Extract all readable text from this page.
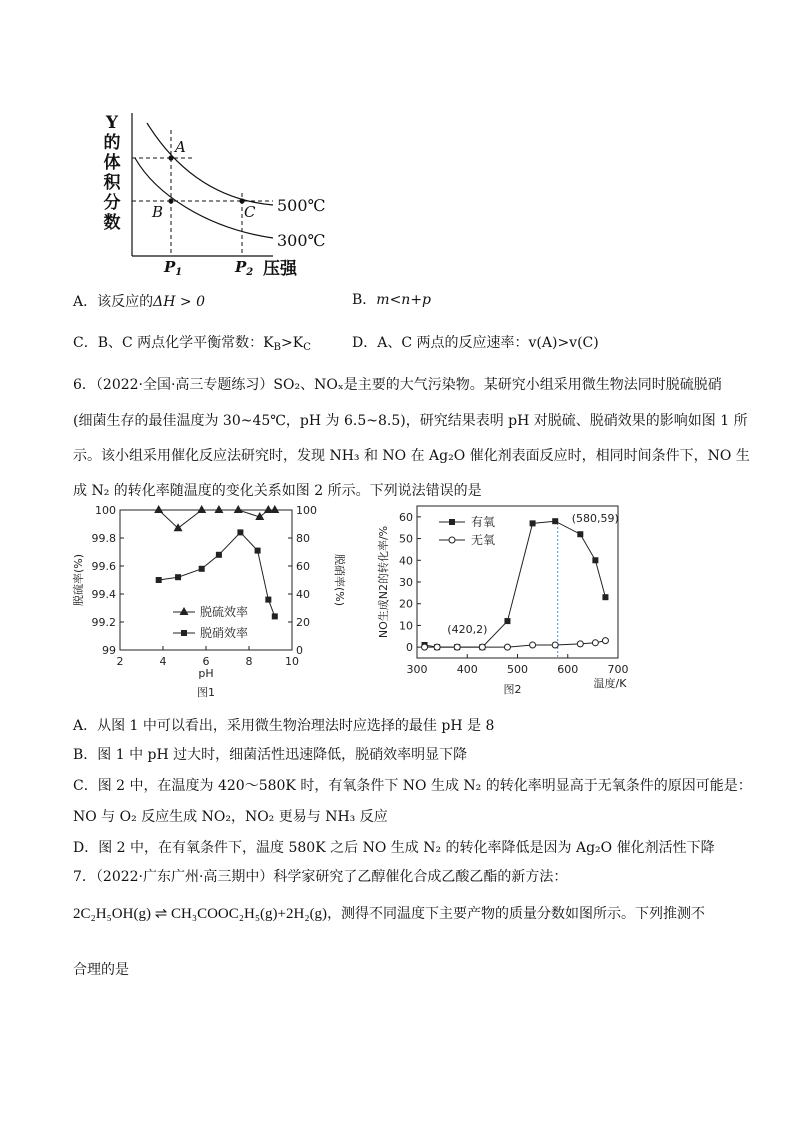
Y
的
体
积
分
数
A
B	C 500℃
300℃
$P_1$	$P_2$ 压强
A．该反应的ΔH > 0	B．m<n+p
C．B、C 两点化学平衡常数：$K_B>K_C$	D．A、C 两点的反应速率：v(A)>v(C)
6．（2022·全国·高三专题练习）SO₂、NOₓ是主要的大气污染物。某研究小组采用微生物法同时脱硫脱硝
(细菌生存的最佳温度为 30~45℃，pH 为 6.5~8.5)，研究结果表明 pH 对脱硫、脱硝效果的影响如图 1 所
示。该小组采用催化反应法研究时，发现 NH₃ 和 NO 在 Ag₂O 催化剂表面反应时，相同时间条件下，NO 生
成 N₂ 的转化率随温度的变化关系如图 2 所示。下列说法错误的是
2	4	6	8	10
99
99.2
99.4
99.6
99.8
100
0
20
40
60
80
100
脱硫率(%)	脱硝率(%)
pH
图1
脱硫效率
脱硝效率
300	400	500	600	700
0
10
20
30
40
50
60
NO生成N2的转化率/%
温度/K
图2
有氧
无氧
(580,59)
(420,2)
A．从图 1 中可以看出，采用微生物治理法时应选择的最佳 pH 是 8
B．图 1 中 pH 过大时，细菌活性迅速降低，脱硝效率明显下降
C．图 2 中，在温度为 420～580K 时，有氧条件下 NO 生成 N₂ 的转化率明显高于无氧条件的原因可能是：
NO 与 O₂ 反应生成 NO₂，NO₂ 更易与 NH₃ 反应
D．图 2 中，在有氧条件下，温度 580K 之后 NO 生成 N₂ 的转化率降低是因为 Ag₂O 催化剂活性下降
7．（2022·广东广州·高三期中）科学家研究了乙醇催化合成乙酸乙酯的新方法：
2C₂H₅OH(g) ⇌ CH₃COOC₂H₅(g)+2H₂(g)，测得不同温度下主要产物的质量分数如图所示。下列推测不
合理的是
